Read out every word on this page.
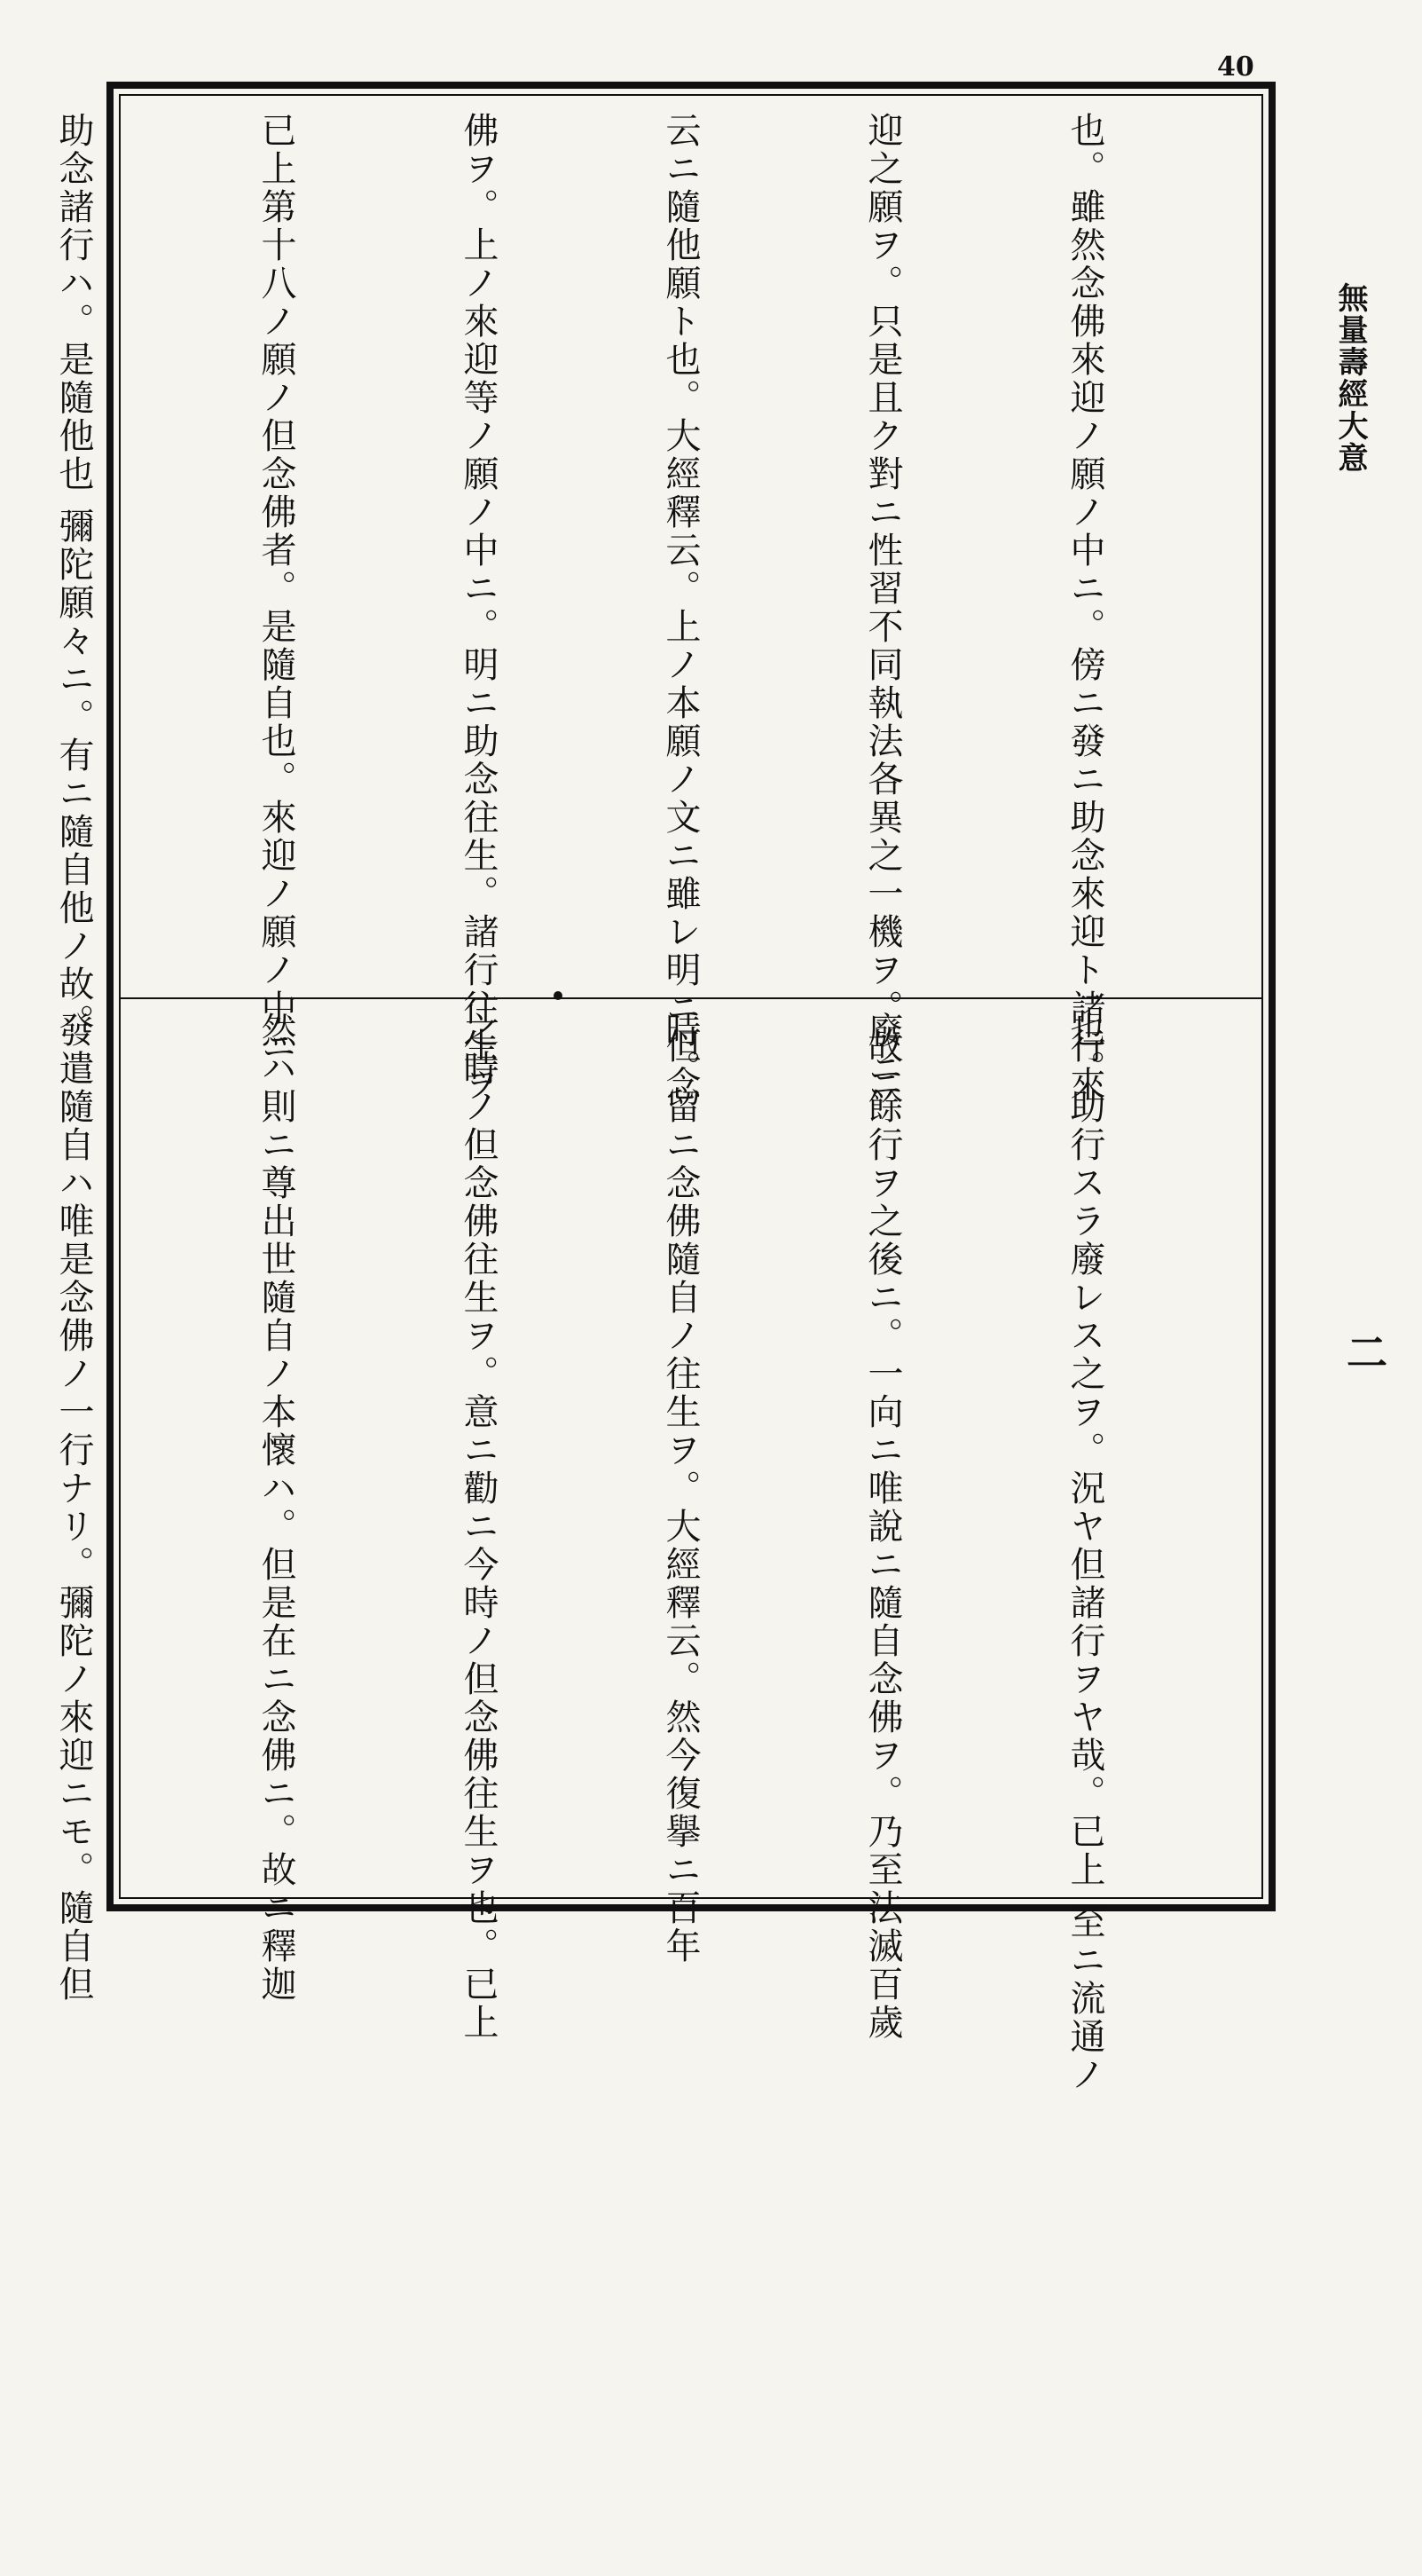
40
無量壽經大意
二

也。雖然念佛來迎ノ願ノ中ニ。傍ニ發ニ助念來迎ト諸行來

迎之願ヲ。只是且ク對ニ性習不同執法各異之一機ヲ。故ニ

云ニ隨他願ト也。大經釋云。上ノ本願ノ文ニ雖レ明ニ但念

佛ヲ。上ノ來迎等ノ願ノ中ニ。明ニ助念往生。諸行往生ヲ

已上第十八ノ願ノ但念佛者。是隨自也。來迎ノ願ノ中ニ

助念諸行ハ。是隨他也 彌陀願々ニ。有ニ隨自他ノ故。

也。助行スラ廢レス之ヲ。況ヤ但諸行ヲヤ哉。已上 至ニ流通ノ

廢ニ餘行ヲ之後ニ。一向ニ唯說ニ隨自念佛ヲ。乃至法滅百歲

時。留ニ念佛隨自ノ往生ヲ。大經釋云。然今復擧ニ百年

之時ノ但念佛往生ヲ。意ニ勸ニ今時ノ但念佛往生ヲ也。已上

然ハ則ニ尊出世隨自ノ本懷ハ。但是在ニ念佛ニ。故ニ釋迦

發遣隨自ハ唯是念佛ノ一行ナリ。彌陀ノ來迎ニモ。隨自但
